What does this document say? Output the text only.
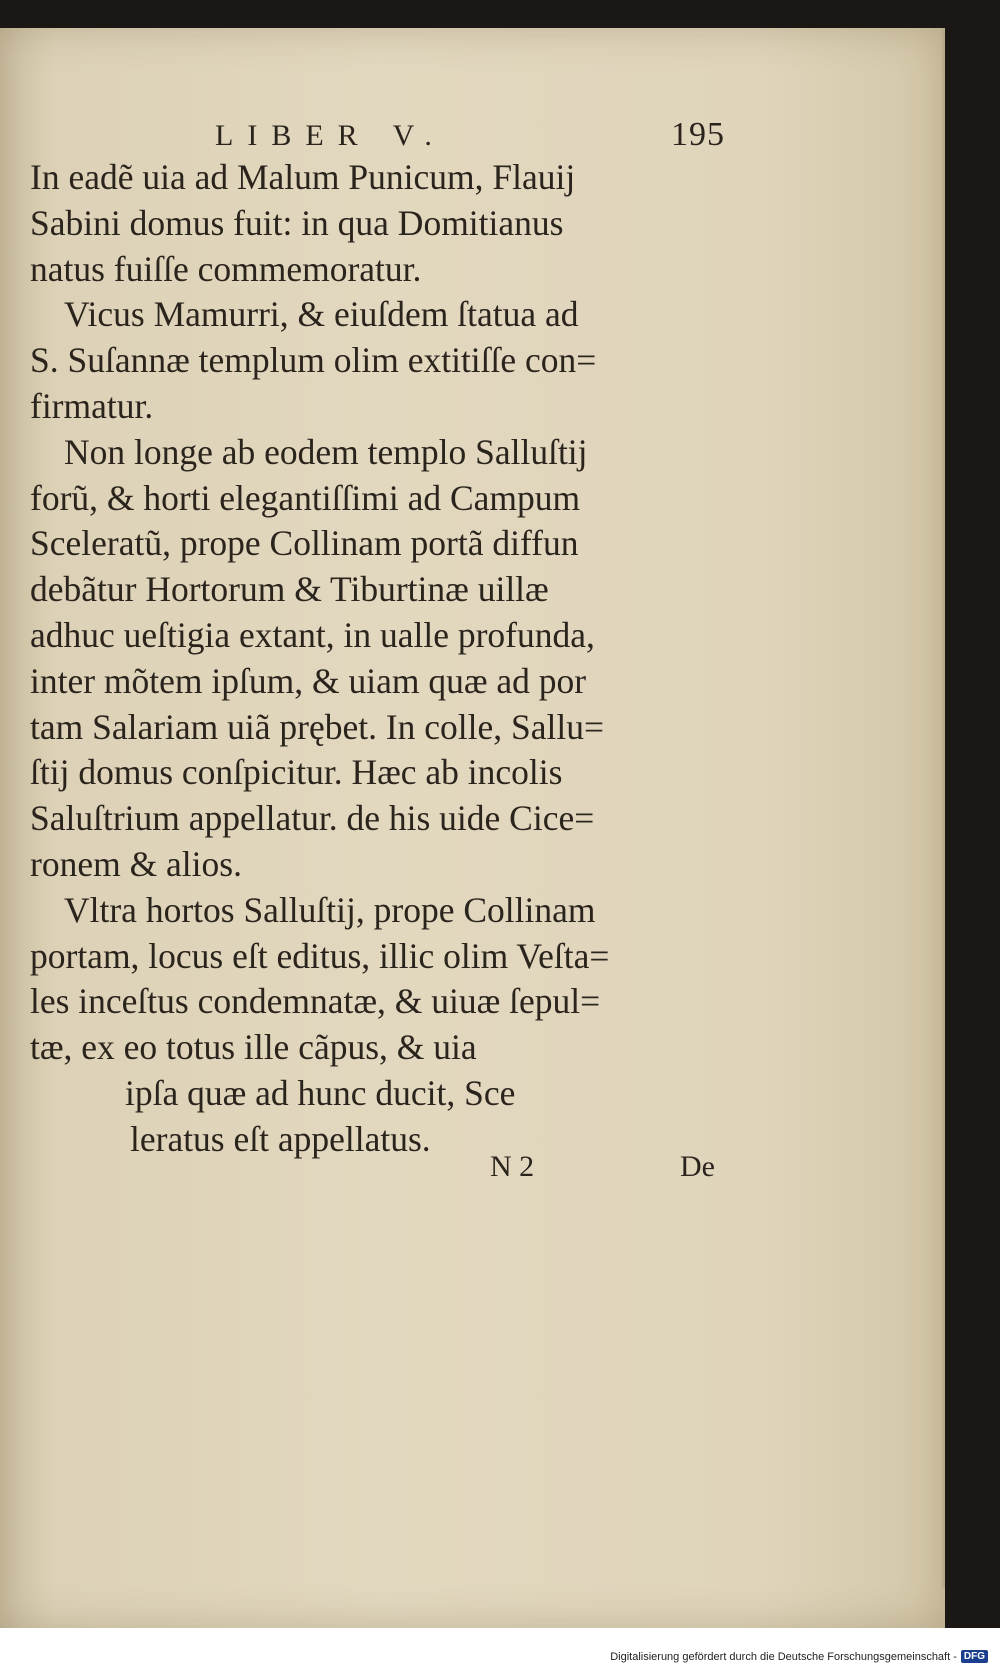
LIBER V.	195
In eadẽ uia ad Malum Punicum, Flauij
Sabini domus fuit: in qua Domitianus
natus fuiſſe commemoratur.
Vicus Mamurri, & eiuſdem ſtatua ad
S. Suſannæ templum olim extitiſſe con=
firmatur.
Non longe ab eodem templo Salluſtij
forũ, & horti elegantiſſimi ad Campum
Sceleratũ, prope Collinam portã diffun
debãtur Hortorum & Tiburtinæ uillæ
adhuc ueſtigia extant, in ualle profunda,
inter mõtem ipſum, & uiam quæ ad por
tam Salariam uiã prębet. In colle, Sallu=
ſtij domus conſpicitur. Hæc ab incolis
Saluſtrium appellatur. de his uide Cice=
ronem & alios.
Vltra hortos Salluſtij, prope Collinam
portam, locus eſt editus, illic olim Veſta=
les inceſtus condemnatæ, & uiuæ ſepul=
tæ, ex eo totus ille cãpus, & uia
ipſa quæ ad hunc ducit, Sce
leratus eſt appellatus.
N 2	De
Digitalisierung gefördert durch die Deutsche Forschungsgemeinschaft - DFG
